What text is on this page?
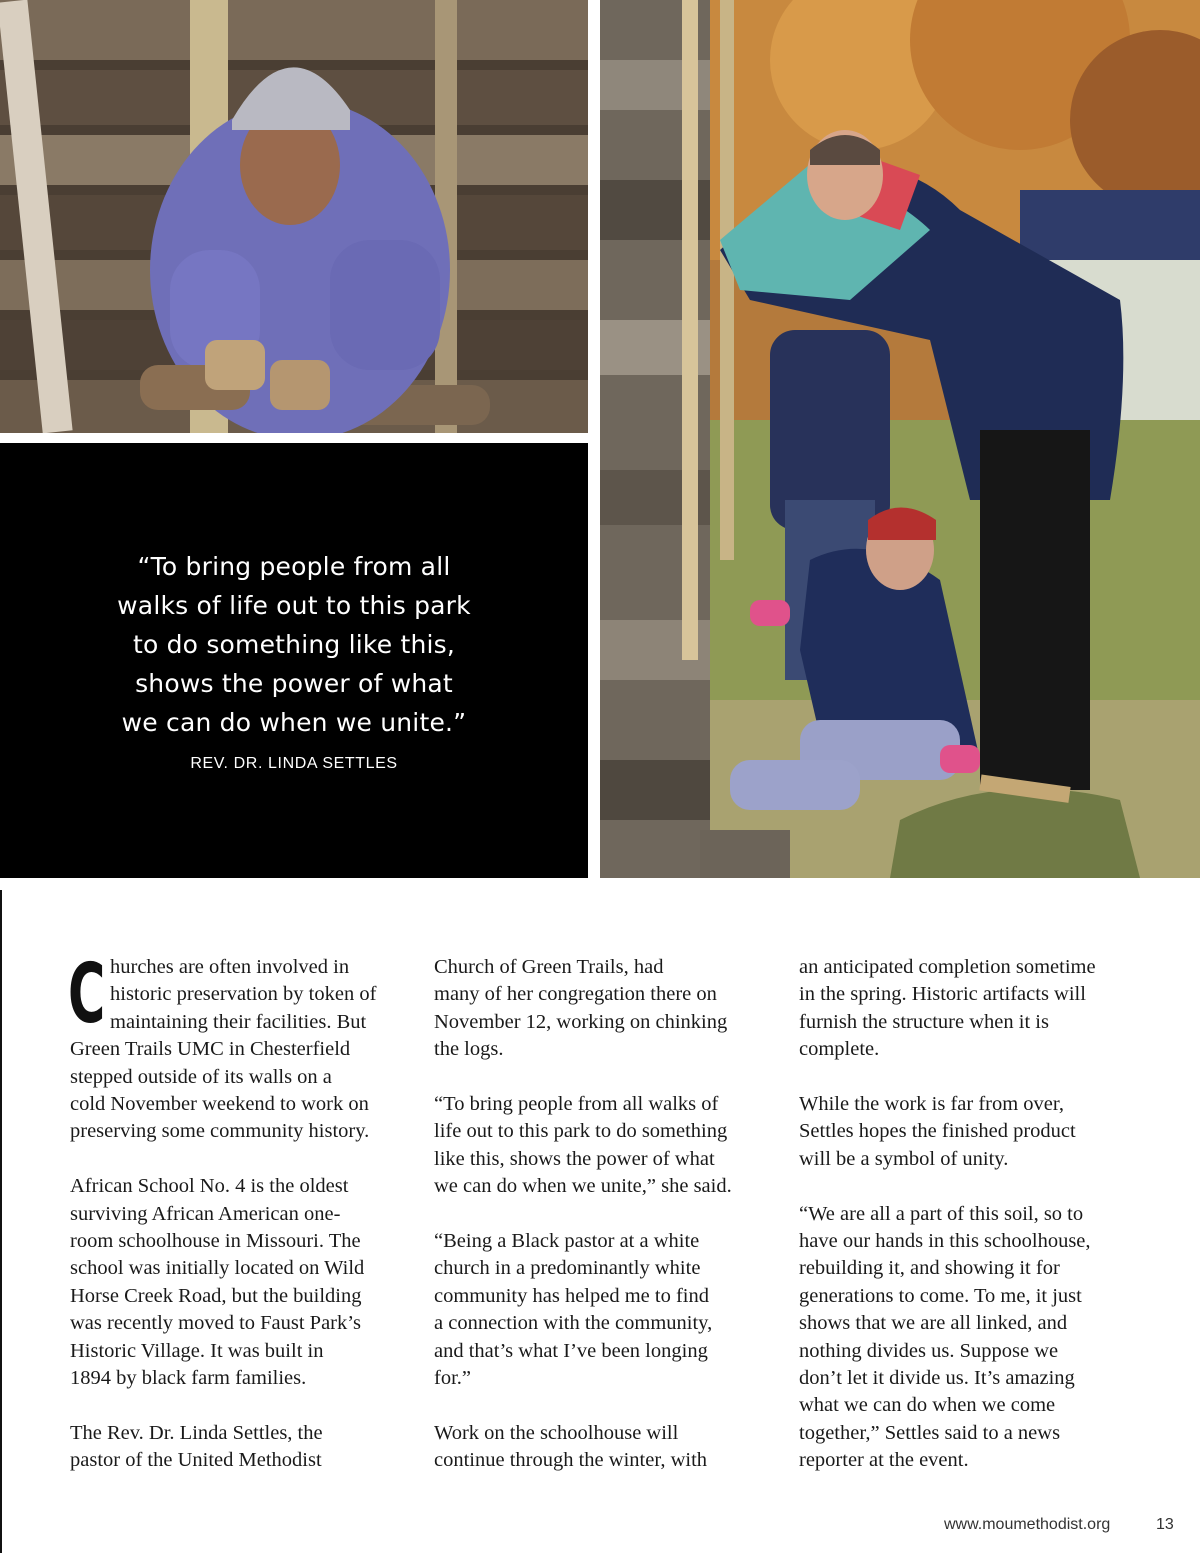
“To bring people from all
walks of life out to this park
to do something like this,
shows the power of what
we can do when we unite.”
REV. DR. LINDA SETTLES
C hurches are often involved in
historic preservation by token of
maintaining their facilities. But
Green Trails UMC in Chesterfield
stepped outside of its walls on a
cold November weekend to work on
preserving some community history.

African School No. 4 is the oldest
surviving African American one-
room schoolhouse in Missouri. The
school was initially located on Wild
Horse Creek Road, but the building
was recently moved to Faust Park’s
Historic Village. It was built in
1894 by black farm families.

The Rev. Dr. Linda Settles, the
pastor of the United Methodist

Church of Green Trails, had
many of her congregation there on
November 12, working on chinking
the logs.

“To bring people from all walks of
life out to this park to do something
like this, shows the power of what
we can do when we unite,” she said.

“Being a Black pastor at a white
church in a predominantly white
community has helped me to find
a connection with the community,
and that’s what I’ve been longing
for.”

Work on the schoolhouse will
continue through the winter, with

an anticipated completion sometime
in the spring. Historic artifacts will
furnish the structure when it is
complete.

While the work is far from over,
Settles hopes the finished product
will be a symbol of unity.

“We are all a part of this soil, so to
have our hands in this schoolhouse,
rebuilding it, and showing it for
generations to come. To me, it just
shows that we are all linked, and
nothing divides us. Suppose we
don’t let it divide us. It’s amazing
what we can do when we come
together,” Settles said to a news
reporter at the event.

www.moumethodist.org	13
